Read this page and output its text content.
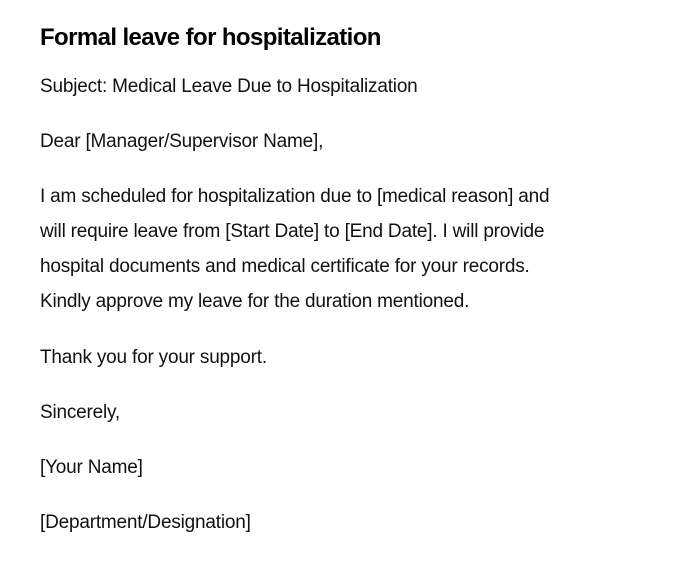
Formal leave for hospitalization

Subject: Medical Leave Due to Hospitalization

Dear [Manager/Supervisor Name],

I am scheduled for hospitalization due to [medical reason] and
will require leave from [Start Date] to [End Date]. I will provide
hospital documents and medical certificate for your records.
Kindly approve my leave for the duration mentioned.

Thank you for your support.

Sincerely,

[Your Name]

[Department/Designation]
